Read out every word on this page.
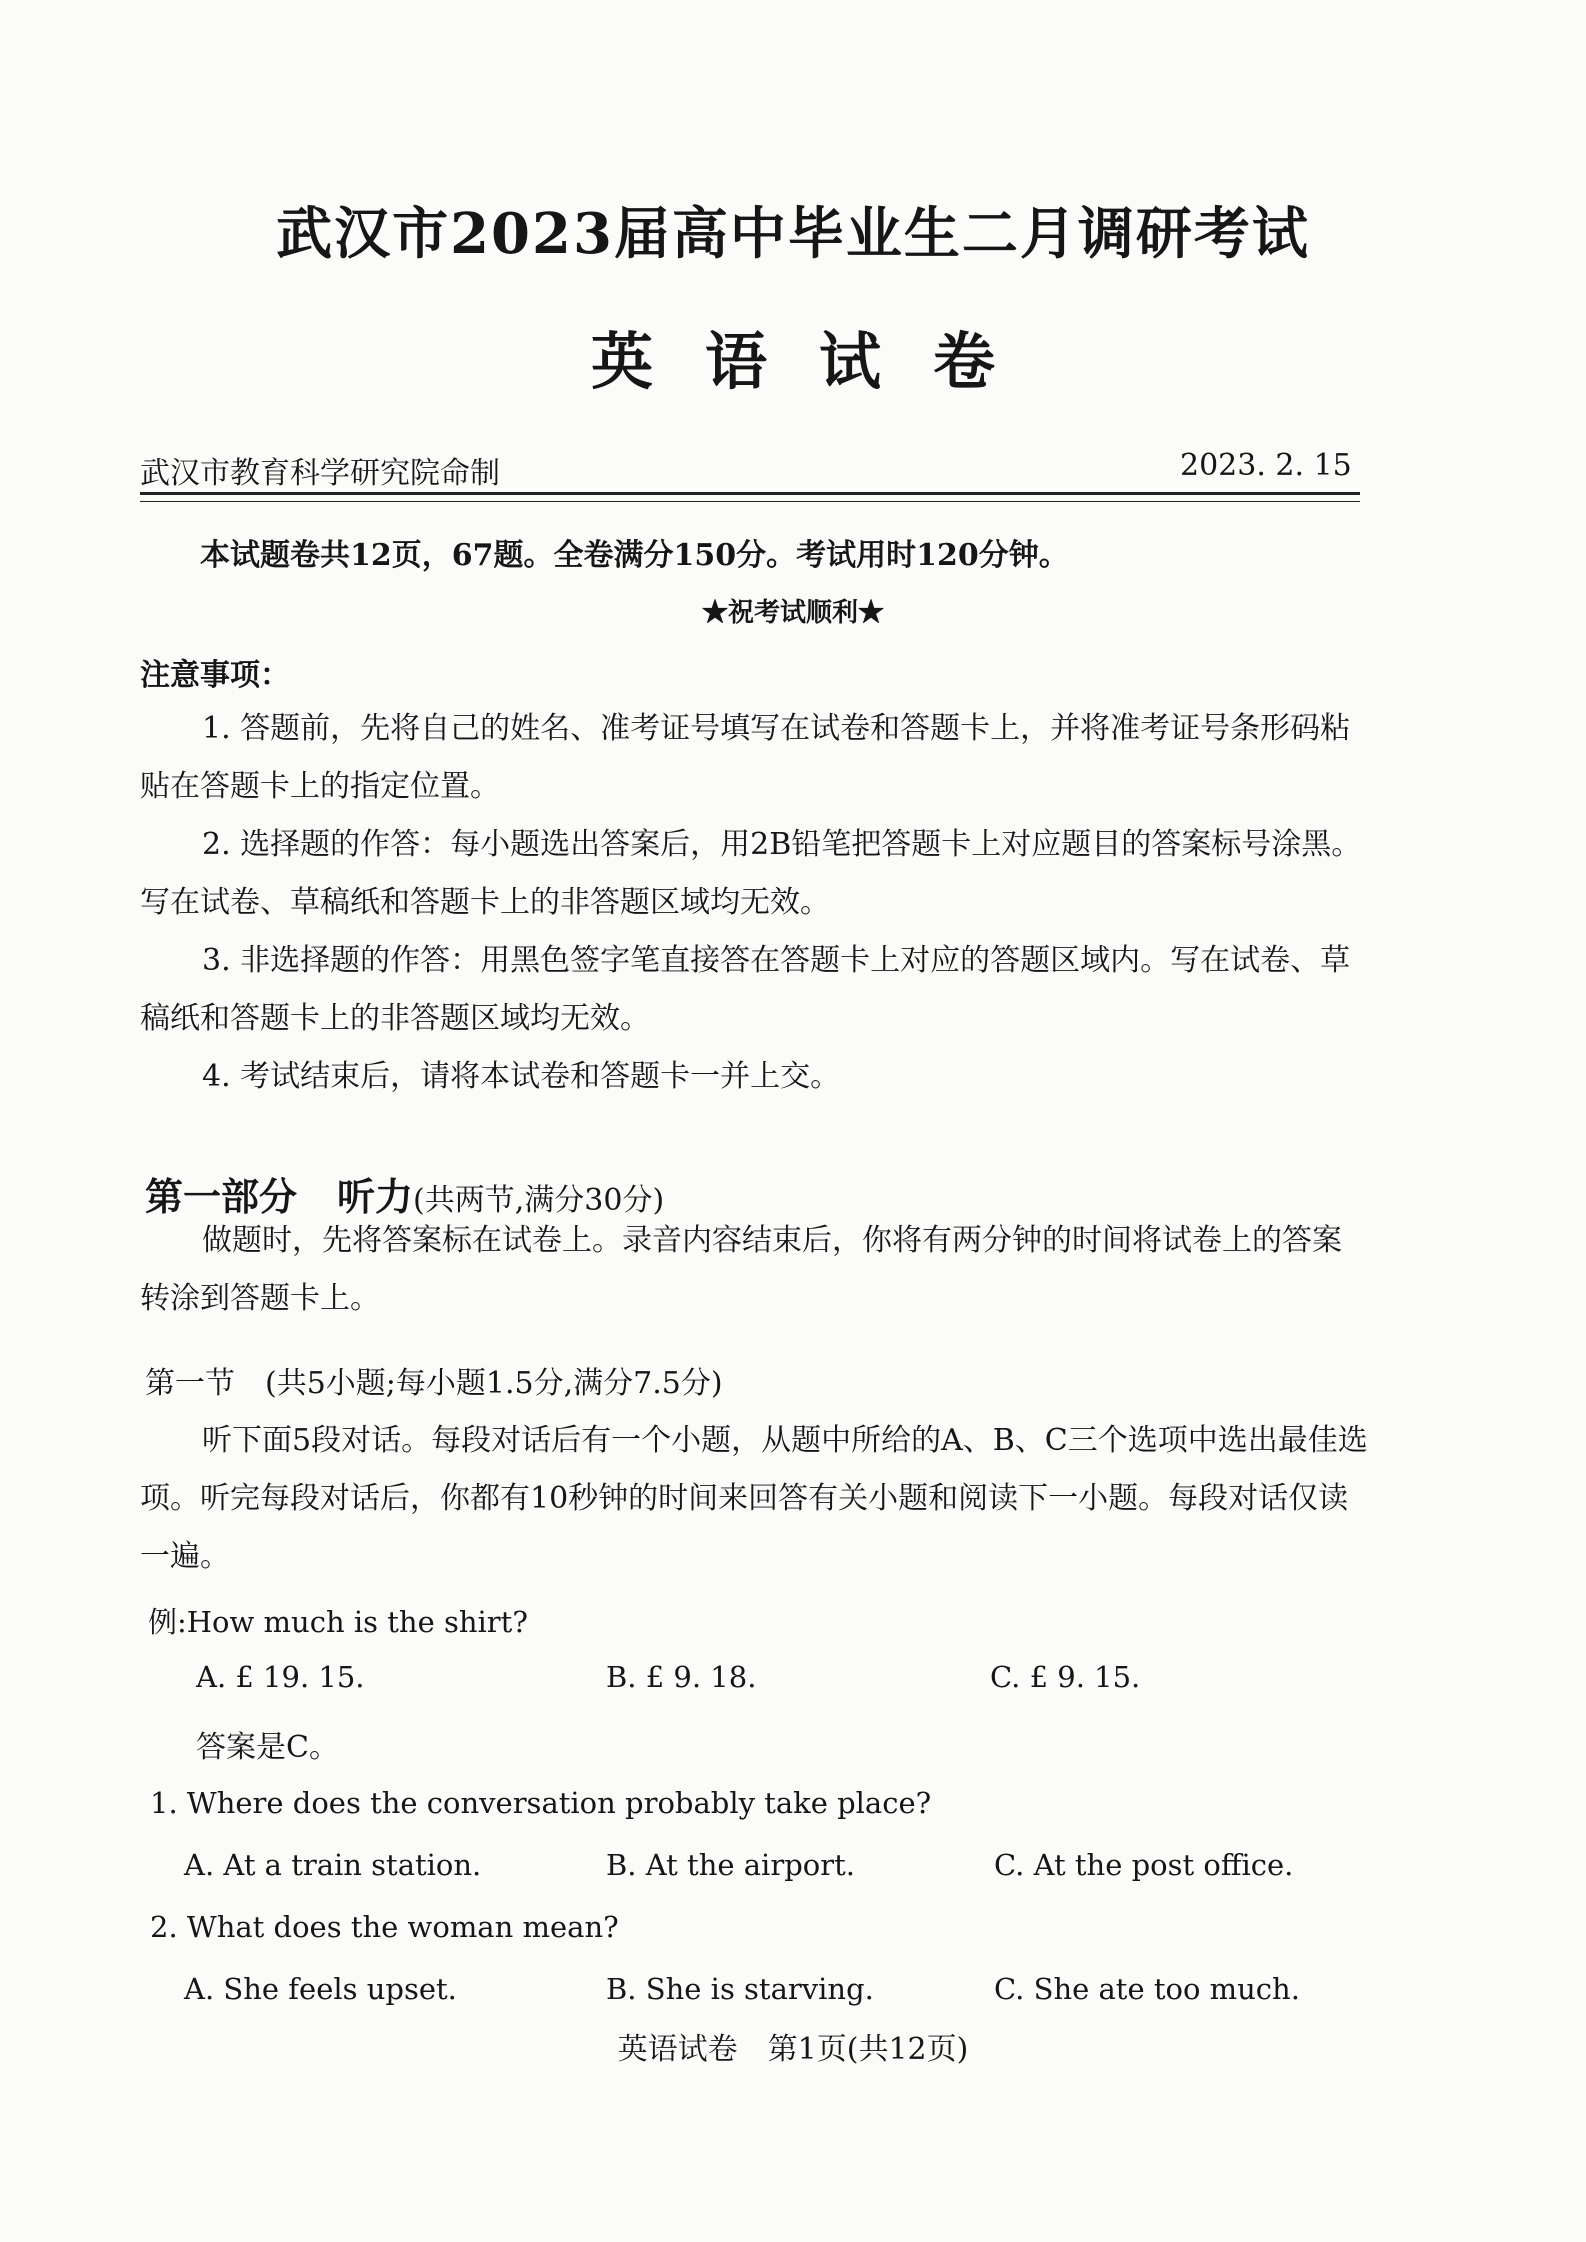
武汉市2023届高中毕业生二月调研考试
英语试卷
武汉市教育科学研究院命制	2023. 2. 15
本试题卷共12页，67题。全卷满分150分。考试用时120分钟。
★祝考试顺利★
注意事项：

1. 答题前，先将自己的姓名、准考证号填写在试卷和答题卡上，并将准考证号条形码粘贴在答题卡上的指定位置。

2. 选择题的作答：每小题选出答案后，用2B铅笔把答题卡上对应题目的答案标号涂黑。写在试卷、草稿纸和答题卡上的非答题区域均无效。

3. 非选择题的作答：用黑色签字笔直接答在答题卡上对应的答题区域内。写在试卷、草稿纸和答题卡上的非答题区域均无效。

4. 考试结束后，请将本试卷和答题卡一并上交。

第一部分 听力(共两节,满分30分)

做题时，先将答案标在试卷上。录音内容结束后，你将有两分钟的时间将试卷上的答案转涂到答题卡上。

第一节　(共5小题;每小题1.5分,满分7.5分)

听下面5段对话。每段对话后有一个小题，从题中所给的A、B、C三个选项中选出最佳选项。听完每段对话后，你都有10秒钟的时间来回答有关小题和阅读下一小题。每段对话仅读一遍。

例:How much is the shirt?
A. £ 19. 15.	B. £ 9. 18.	C. £ 9. 15.
答案是C。
1. Where does the conversation probably take place?
A. At a train station.	B. At the airport.	C. At the post office.
2. What does the woman mean?
A. She feels upset.	B. She is starving.	C. She ate too much.
英语试卷　第1页(共12页)
